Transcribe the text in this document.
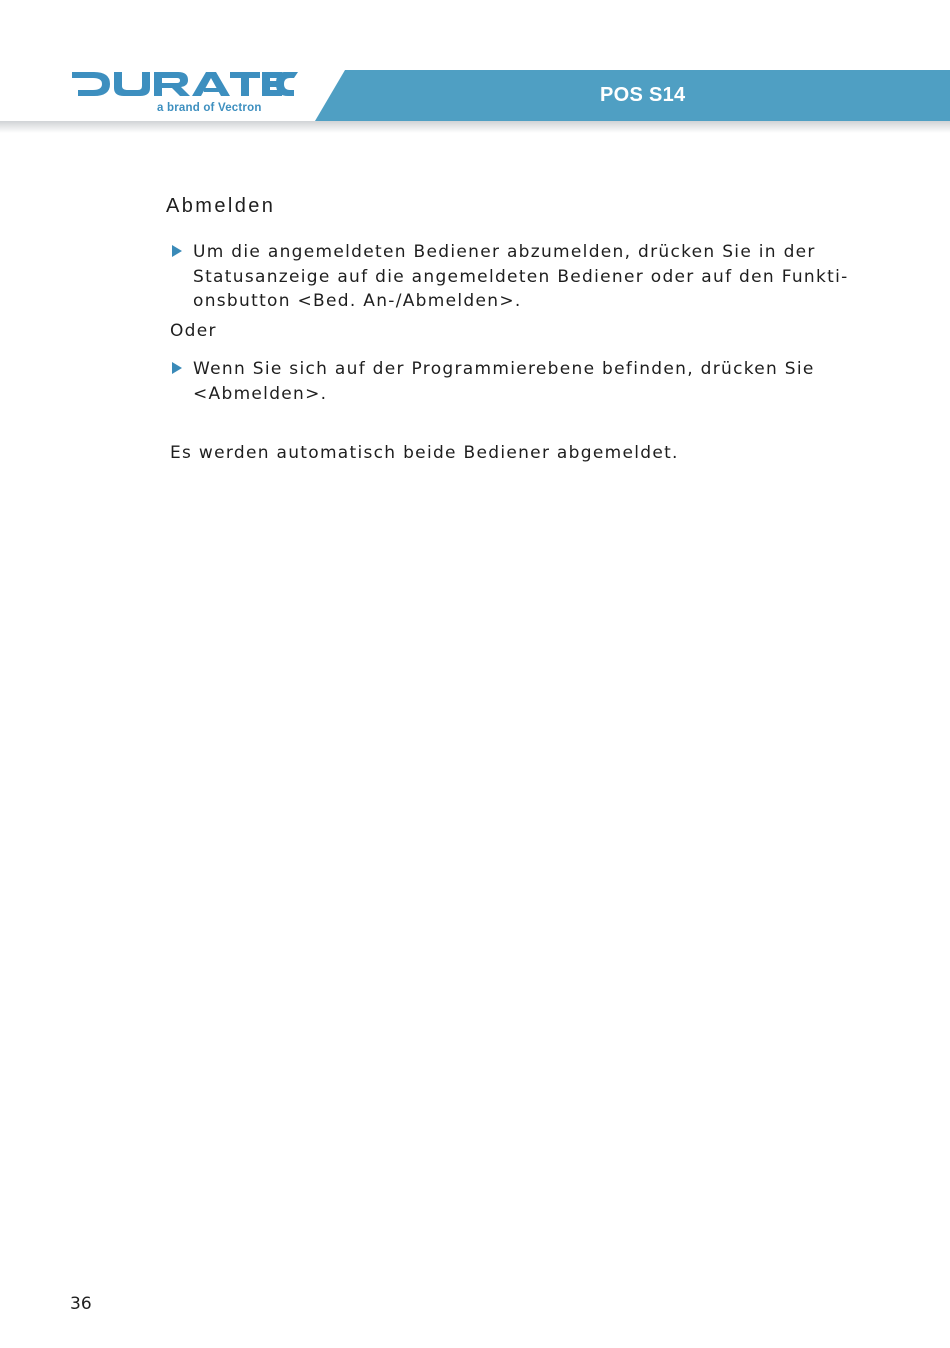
a brand of Vectron
POS S14
Abmelden
Um die angemeldeten Bediener abzumelden, drücken Sie in der
Statusanzeige auf die angemeldeten Bediener oder auf den Funkti-
onsbutton <Bed. An-/Abmelden>.

Oder

Wenn Sie sich auf der Programmierebene befinden, drücken Sie
<Abmelden>.

Es werden automatisch beide Bediener abgemeldet.

36
